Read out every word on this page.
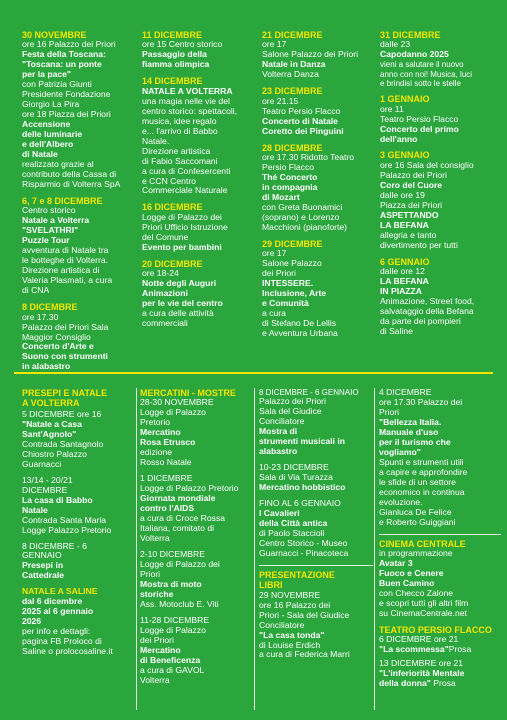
30 NOVEMBRE
ore 16 Palazzo dei Priori
Festa della Toscana:
"Toscana: un ponte
per la pace"
con Patrizia Giunti
Presidente Fondazione
Giorgio La Pira
ore 18 Piazza dei Priori
Accensione
delle luminarie
e dell'Albero
di Natale
realizzato grazie al
contributo della Cassa di
Risparmio di Volterra SpA
6, 7 e 8 DICEMBRE
Centro storico
Natale a Volterra
"SVELATHRI"
Puzzle Tour
avventura di Natale tra
le botteghe di Volterra.
Direzione artistica di
Valeria Plasmati, a cura
di CNA
8 DICEMBRE
ore 17.30
Palazzo dei Priori Sala
Maggior Consiglio
Concerto d'Arte e
Suono con strumenti
in alabastro
11 DICEMBRE
ore 15 Centro storico
Passaggio della
fiamma olimpica
14 DICEMBRE
NATALE A VOLTERRA
una magia nelle vie del
centro storico: spettacoli,
musica, idee regalo
e... l'arrivo di Babbo
Natale.
Direzione artistica
di Fabio Saccomani
a cura di Confesercenti
e CCN Centro
Commerciale Naturale
16 DICEMBRE
Logge di Palazzo dei
Priori Ufficio Istruzione
del Comune
Evento per bambini
20 DICEMBRE
ore 18-24
Notte degli Auguri
Animazioni
per le vie del centro
a cura delle attività
commerciali
21 DICEMBRE
ore 17
Salone Palazzo dei Priori
Natale in Danza
Volterra Danza
23 DICEMBRE
ore 21.15
Teatro Persio Flacco
Concerto di Natale
Coretto dei Pinguini
28 DICEMBRE
ore 17.30 Ridotto Teatro
Persio Flacco
Thé Concerto
in compagnia
di Mozart
con Greta Buonamici
(soprano) e Lorenzo
Macchioni (pianoforte)
29 DICEMBRE
ore 17
Salone Palazzo
dei Priori
INTESSERE.
Inclusione, Arte
e Comunità
a cura
di Stefano De Lellis
e Avventura Urbana
31 DICEMBRE
dalle 23
Capodanno 2025
vieni a salutare il nuovo
anno con noi! Musica, luci
e brindisi sotto le stelle
1 GENNAIO
ore 11
Teatro Persio Flacco
Concerto del primo
dell'anno
3 GENNAIO
ore 16 Sala del consiglio
Palazzo dei Priori
Coro del Cuore
dalle ore 19
Piazza dei Priori
ASPETTANDO
LA BEFANA
allegria e tanto
divertimento per tutti
6 GENNAIO
dalle ore 12
LA BEFANA
IN PIAZZA
Animazione, Street food,
salvataggio della Befana
da parte dei pompieri
di Saline
PRESEPI E NATALE
A VOLTERRA
5 DICEMBRE ore 16
"Natale a Casa
Sant'Agnolo"
Contrada Santagnolo
Chiostro Palazzo
Guarnacci
13/14 - 20/21
DICEMBRE
La casa di Babbo
Natale
Contrada Santa Maria
Logge Palazzo Pretorio
8 DICEMBRE - 6
GENNAIO
Presepi in
Cattedrale
NATALE A SALINE
dal 6 dicembre
2025 al 6 gennaio
2026
per info e dettagli:
pagina FB Proloco di
Saline o prolocosaline.it
MERCATINI - MOSTRE
28-30 NOVEMBRE
Logge di Palazzo
Pretorio
Mercatino
Rosa Etrusco
edizione
Rosso Natale
1 DICEMBRE
Logge di Palazzo Pretorio
Giornata mondiale
contro l'AIDS
a cura di Croce Rossa
Italiana, comitato di
Volterra
2-10 DICEMBRE
Logge di Palazzo dei
Priori
Mostra di moto
storiche
Ass. Motoclub E. Viti
11-28 DICEMBRE
Logge di Palazzo
dei Priori
Mercatino
di Beneficenza
a cura di GAVOL
Volterra
8 DICEMBRE - 6 GENNAIO
Palazzo dei Priori
Sala del Giudice
Conciliatore
Mostra di
strumenti musicali in
alabastro
10-23 DICEMBRE
Sala di Via Turazza
Mercatino hobbistico
FINO AL 6 GENNAIO
I Cavalieri
della Città antica
di Paolo Staccioli
Centro Storico - Museo
Guarnacci - Pinacoteca
PRESENTAZIONE
LIBRI
29 NOVEMBRE
ore 16 Palazzo dei
Priori - Sala del Giudice
Conciliatore
"La casa tonda"
di Louise Erdich
a cura di Federica Marri
4 DICEMBRE
ore 17.30 Palazzo dei
Priori
"Bellezza Italia.
Manuale d'uso
per il turismo che
vogliamo"
Spunti e strumenti utili
a capire e approfondire
le sfide di un settore
economico in continua
evoluzione.
Gianluca De Felice
e Roberto Guiggiani
CINEMA CENTRALE
in programmazione
Avatar 3
Fuoco e Cenere
Buen Camino
con Checco Zalone
e scopri tutti gli altri film
su CinemaCentrale.net
TEATRO PERSIO FLACCO
6 DICEMBRE ore 21
"La scommessa"Prosa
13 DICEMBRE ore 21
"L'inferiorità Mentale
della donna" Prosa
